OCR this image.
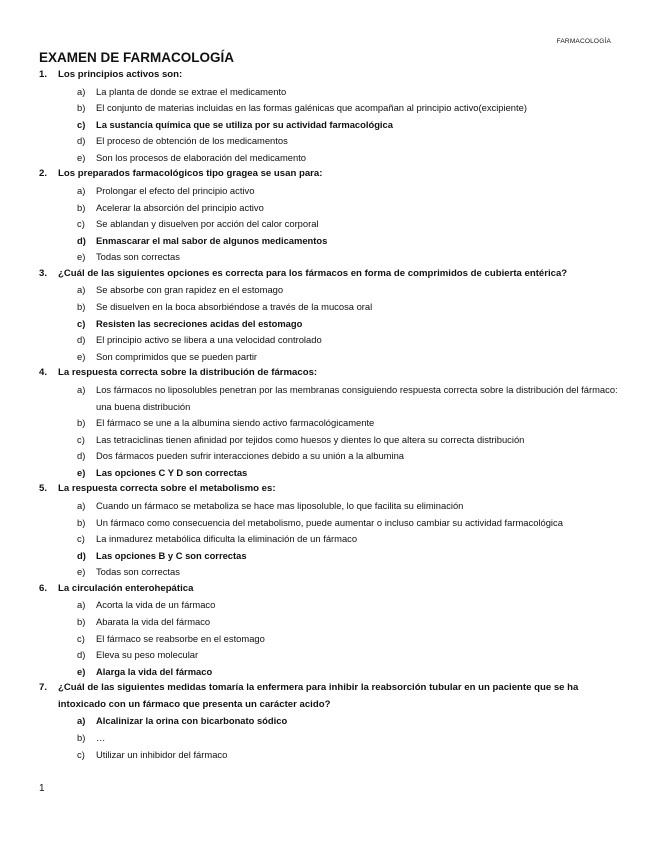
FARMACOLOGÍA
EXAMEN DE FARMACOLOGÍA
1.	Los principios activos son:
a)	La planta de donde se extrae el medicamento
b)	El conjunto de materias incluidas en las formas galénicas que acompañan al principio activo(excipiente)
c)	La sustancia química que se utiliza por su actividad farmacológica
d)	El proceso de obtención de los medicamentos
e)	Son los procesos de elaboración del medicamento
2.	Los preparados farmacológicos tipo gragea se usan para:
a)	Prolongar el efecto del principio activo
b)	Acelerar la absorción del principio activo
c)	Se ablandan y disuelven por acción del calor corporal
d)	Enmascarar el mal sabor de algunos medicamentos
e)	Todas son correctas
3.	¿Cuál de las siguientes opciones es correcta para los fármacos en forma de comprimidos de cubierta entérica?
a)	Se absorbe con gran rapidez en el estomago
b)	Se disuelven en la boca absorbiéndose a través de la mucosa oral
c)	Resisten las secreciones acidas del estomago
d)	El principio activo se libera a una velocidad controlado
e)	Son comprimidos que se pueden partir
4.	La respuesta correcta sobre la distribución de fármacos:
a)	Los fármacos no liposolubles penetran por las membranas consiguiendo respuesta correcta sobre la distribución del fármaco: una buena distribución
b)	El fármaco se une a la albumina siendo activo farmacológicamente
c)	Las tetraciclinas tienen afinidad por tejidos como huesos y dientes lo que altera su correcta distribución
d)	Dos fármacos pueden sufrir interacciones debido a su unión a la albumina
e)	Las opciones C Y D son correctas
5.	La respuesta correcta sobre el metabolismo es:
a)	Cuando un fármaco se metaboliza se hace mas liposoluble, lo que facilita su eliminación
b)	Un fármaco como consecuencia del metabolismo, puede aumentar o incluso cambiar su actividad farmacológica
c)	La inmadurez metabólica dificulta la eliminación de un fármaco
d)	Las opciones B y C son correctas
e)	Todas son correctas
6.	La circulación enterohepática
a)	Acorta la vida de un fármaco
b)	Abarata la vida del fármaco
c)	El fármaco se reabsorbe en el estomago
d)	Eleva su peso molecular
e)	Alarga la vida del fármaco
7.	¿Cuál de las siguientes medidas tomaría la enfermera para inhibir la reabsorción tubular en un paciente que se ha intoxicado con un fármaco que presenta un carácter acido?
a)	Alcalinizar la orina con bicarbonato sódico
b)	…
c)	Utilizar un inhibidor del fármaco
1
